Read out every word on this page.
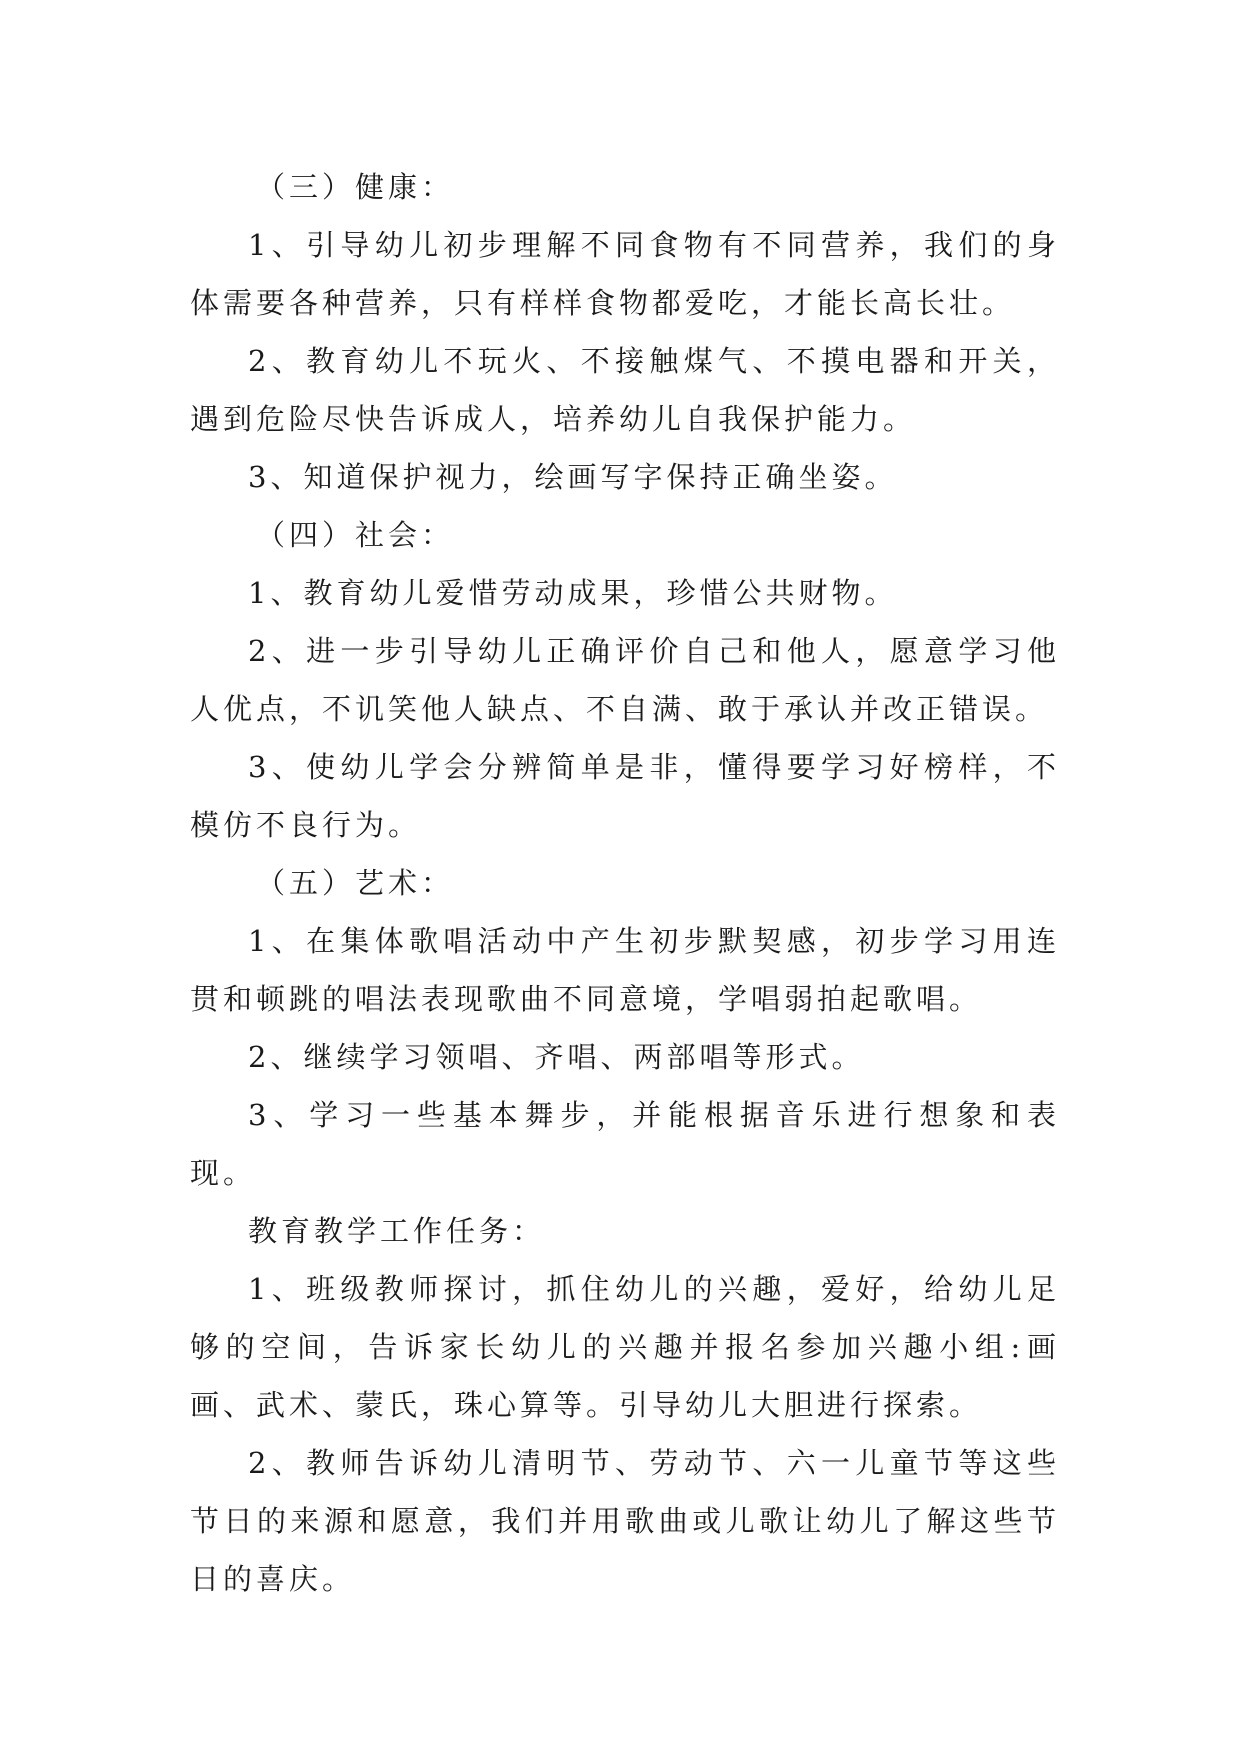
（三）健康：

1、引导幼儿初步理解不同食物有不同营养，我们的身体需要各种营养，只有样样食物都爱吃，才能长高长壮。

2、教育幼儿不玩火、不接触煤气、不摸电器和开关，遇到危险尽快告诉成人，培养幼儿自我保护能力。

3、知道保护视力，绘画写字保持正确坐姿。

（四）社会：

1、教育幼儿爱惜劳动成果，珍惜公共财物。

2、进一步引导幼儿正确评价自己和他人，愿意学习他人优点，不讥笑他人缺点、不自满、敢于承认并改正错误。

3、使幼儿学会分辨简单是非，懂得要学习好榜样，不模仿不良行为。

（五）艺术：

1、在集体歌唱活动中产生初步默契感，初步学习用连贯和顿跳的唱法表现歌曲不同意境，学唱弱拍起歌唱。

2、继续学习领唱、齐唱、两部唱等形式。

3、学习一些基本舞步，并能根据音乐进行想象和表现。

教育教学工作任务：

1、班级教师探讨，抓住幼儿的兴趣，爱好，给幼儿足够的空间，告诉家长幼儿的兴趣并报名参加兴趣小组:画画、武术、蒙氏，珠心算等。引导幼儿大胆进行探索。

2、教师告诉幼儿清明节、劳动节、六一儿童节等这些节日的来源和愿意，我们并用歌曲或儿歌让幼儿了解这些节日的喜庆。
